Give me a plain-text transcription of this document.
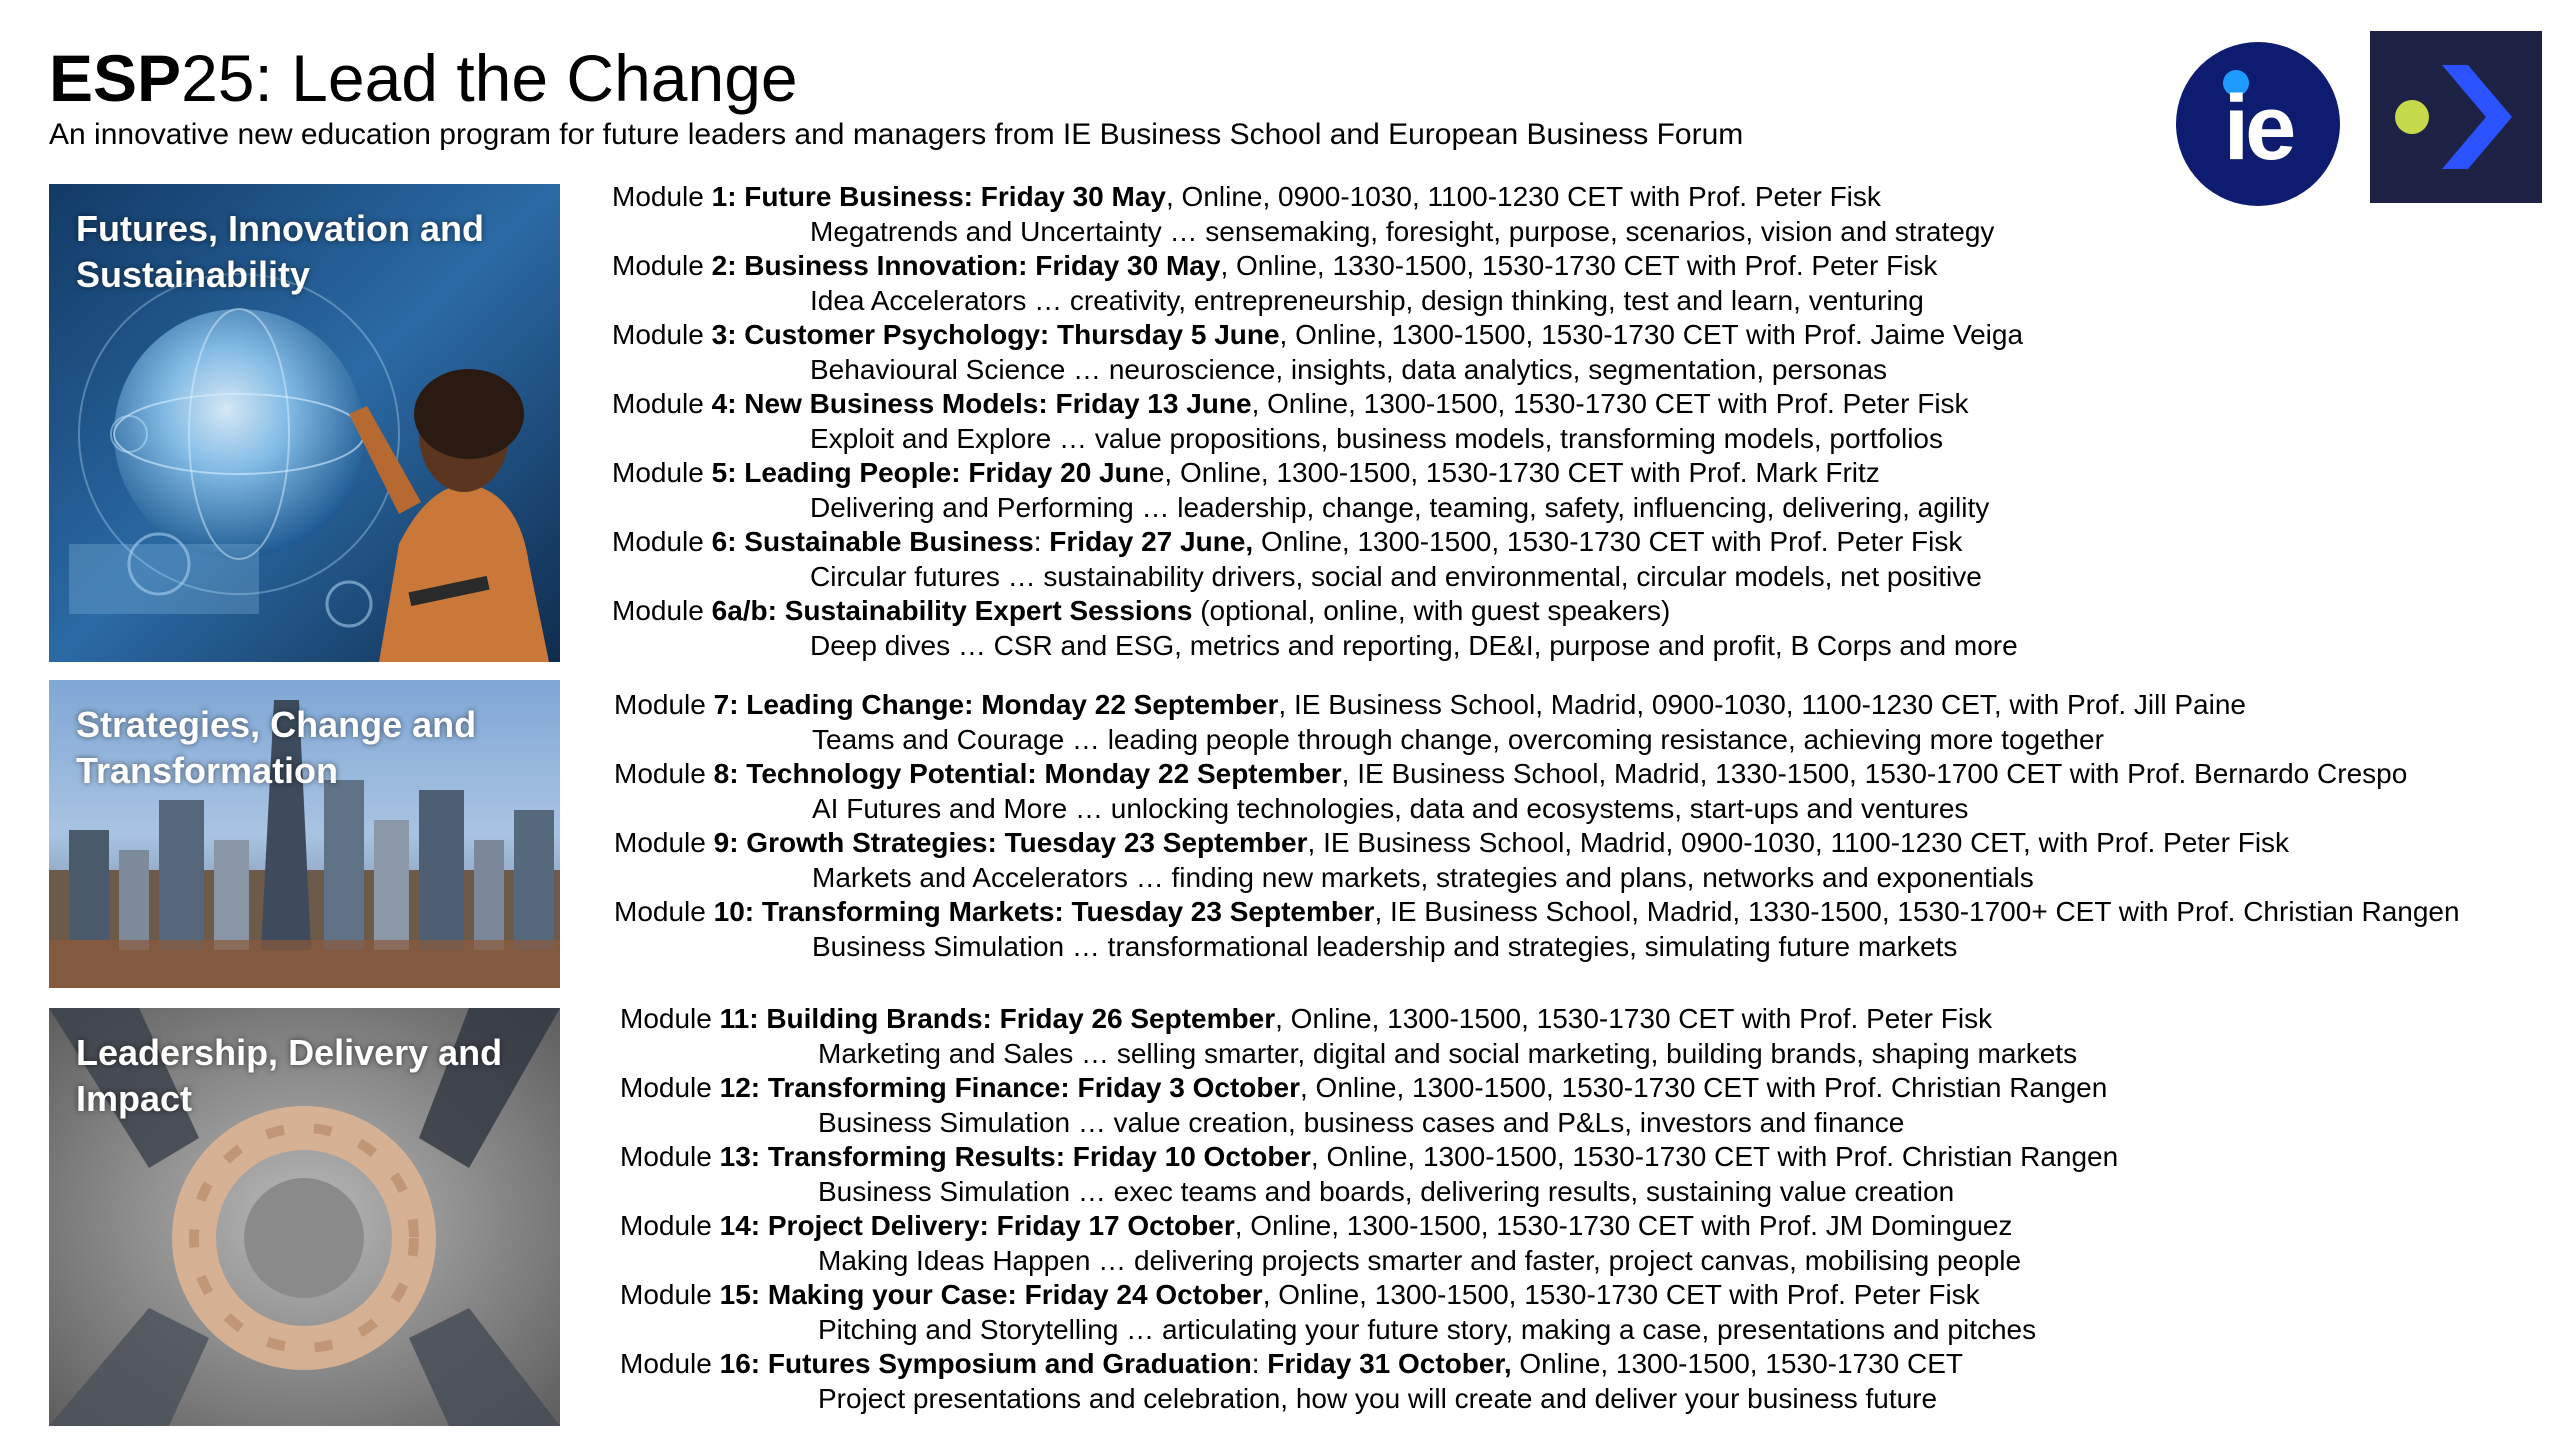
ESP25: Lead the Change
An innovative new education program for future leaders and managers from IE Business School and European Business Forum	ie
Futures, Innovation and Sustainability
Strategies, Change and Transformation
Leadership, Delivery and Impact
Module 1: Future Business: Friday 30 May, Online, 0900-1030, 1100-1230 CET with Prof. Peter Fisk
Megatrends and Uncertainty … sensemaking, foresight, purpose, scenarios, vision and strategy
Module 2: Business Innovation: Friday 30 May, Online, 1330-1500, 1530-1730 CET with Prof. Peter Fisk
Idea Accelerators … creativity, entrepreneurship, design thinking, test and learn, venturing
Module 3: Customer Psychology: Thursday 5 June, Online, 1300-1500, 1530-1730 CET with Prof. Jaime Veiga
Behavioural Science … neuroscience, insights, data analytics, segmentation, personas
Module 4: New Business Models: Friday 13 June, Online, 1300-1500, 1530-1730 CET with Prof. Peter Fisk
Exploit and Explore … value propositions, business models, transforming models, portfolios
Module 5: Leading People: Friday 20 June, Online, 1300-1500, 1530-1730 CET with Prof. Mark Fritz
Delivering and Performing … leadership, change, teaming, safety, influencing, delivering, agility
Module 6: Sustainable Business: Friday 27 June, Online, 1300-1500, 1530-1730 CET with Prof. Peter Fisk
Circular futures … sustainability drivers, social and environmental, circular models, net positive
Module 6a/b: Sustainability Expert Sessions (optional, online, with guest speakers)
Deep dives … CSR and ESG, metrics and reporting, DE&I, purpose and profit, B Corps and more
Module 7: Leading Change: Monday 22 September, IE Business School, Madrid, 0900-1030, 1100-1230 CET, with Prof. Jill Paine
Teams and Courage … leading people through change, overcoming resistance, achieving more together
Module 8: Technology Potential: Monday 22 September, IE Business School, Madrid, 1330-1500, 1530-1700 CET with Prof. Bernardo Crespo
AI Futures and More … unlocking technologies, data and ecosystems, start-ups and ventures
Module 9: Growth Strategies: Tuesday 23 September, IE Business School, Madrid, 0900-1030, 1100-1230 CET, with Prof. Peter Fisk
Markets and Accelerators … finding new markets, strategies and plans, networks and exponentials
Module 10: Transforming Markets: Tuesday 23 September, IE Business School, Madrid, 1330-1500, 1530-1700+ CET with Prof. Christian Rangen
Business Simulation … transformational leadership and strategies, simulating future markets
Module 11: Building Brands: Friday 26 September, Online, 1300-1500, 1530-1730 CET with Prof. Peter Fisk
Marketing and Sales … selling smarter, digital and social marketing, building brands, shaping markets
Module 12: Transforming Finance: Friday 3 October, Online, 1300-1500, 1530-1730 CET with Prof. Christian Rangen
Business Simulation … value creation, business cases and P&Ls, investors and finance
Module 13: Transforming Results: Friday 10 October, Online, 1300-1500, 1530-1730 CET with Prof. Christian Rangen
Business Simulation … exec teams and boards, delivering results, sustaining value creation
Module 14: Project Delivery: Friday 17 October, Online, 1300-1500, 1530-1730 CET with Prof. JM Dominguez
Making Ideas Happen … delivering projects smarter and faster, project canvas, mobilising people
Module 15: Making your Case: Friday 24 October, Online, 1300-1500, 1530-1730 CET with Prof. Peter Fisk
Pitching and Storytelling … articulating your future story, making a case, presentations and pitches
Module 16: Futures Symposium and Graduation: Friday 31 October, Online, 1300-1500, 1530-1730 CET
Project presentations and celebration, how you will create and deliver your business future
